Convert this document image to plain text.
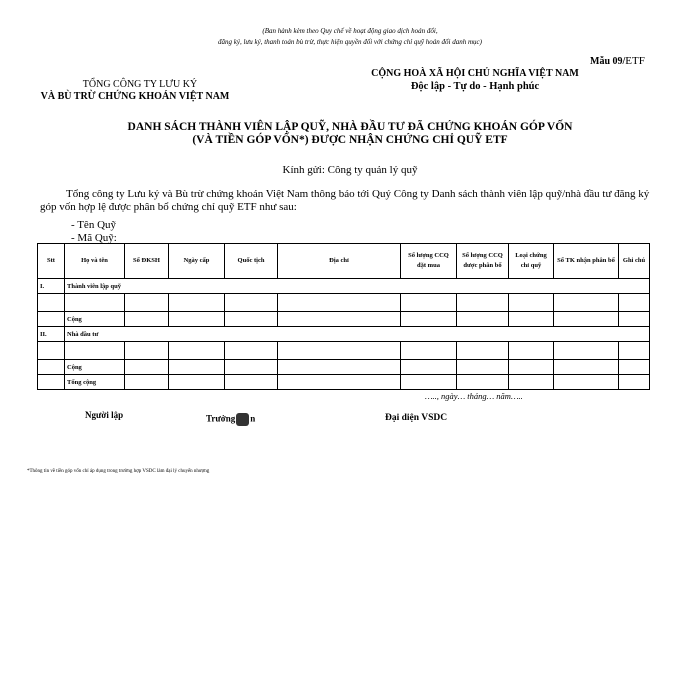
(Ban hành kèm theo Quy chế về hoạt động giao dịch hoán đổi,
đăng ký, lưu ký, thanh toán bù trừ, thực hiện quyền đối với chứng chỉ quỹ hoán đổi danh mục)
Mẫu 09/ETF
TỔNG CÔNG TY LƯU KÝ
VÀ BÙ TRỪ CHỨNG KHOÁN VIỆT NAM
CỘNG HOÀ XÃ HỘI CHỦ NGHĨA VIỆT NAM
Độc lập - Tự do - Hạnh phúc
DANH SÁCH THÀNH VIÊN LẬP QUỸ, NHÀ ĐẦU TƯ ĐÃ CHỨNG KHOÁN GÓP VỐN
(VÀ TIỀN GÓP VỐN*) ĐƯỢC NHẬN CHỨNG CHỈ QUỸ ETF
Kính gửi: Công ty quản lý quỹ
Tổng công ty Lưu ký và Bù trừ chứng khoán Việt Nam thông báo tới Quý Công ty Danh sách thành viên lập quỹ/nhà đầu tư đăng ký góp vốn hợp lệ được phân bổ chứng chỉ quỹ ETF như sau:
- Tên Quỹ
- Mã Quỹ:
Stt	Họ và tên	Số ĐKSH	Ngày cấp	Quốc tịch	Địa chỉ	Số lượng CCQ đặt mua	Số lượng CCQ được phân bổ	Loại chứng chỉ quỹ	Số TK nhận phân bổ	Ghi chú
I.	Thành viên lập quỹ									

	Cộng									
II.	Nhà đầu tư									

	Cộng									
	Tổng cộng									
….., ngày… tháng… năm…..
Người lập	Trưởng n	Đại diện VSDC
*Thông tin về tiền góp vốn chỉ áp dụng trong trường hợp VSDC làm đại lý chuyển nhượng
